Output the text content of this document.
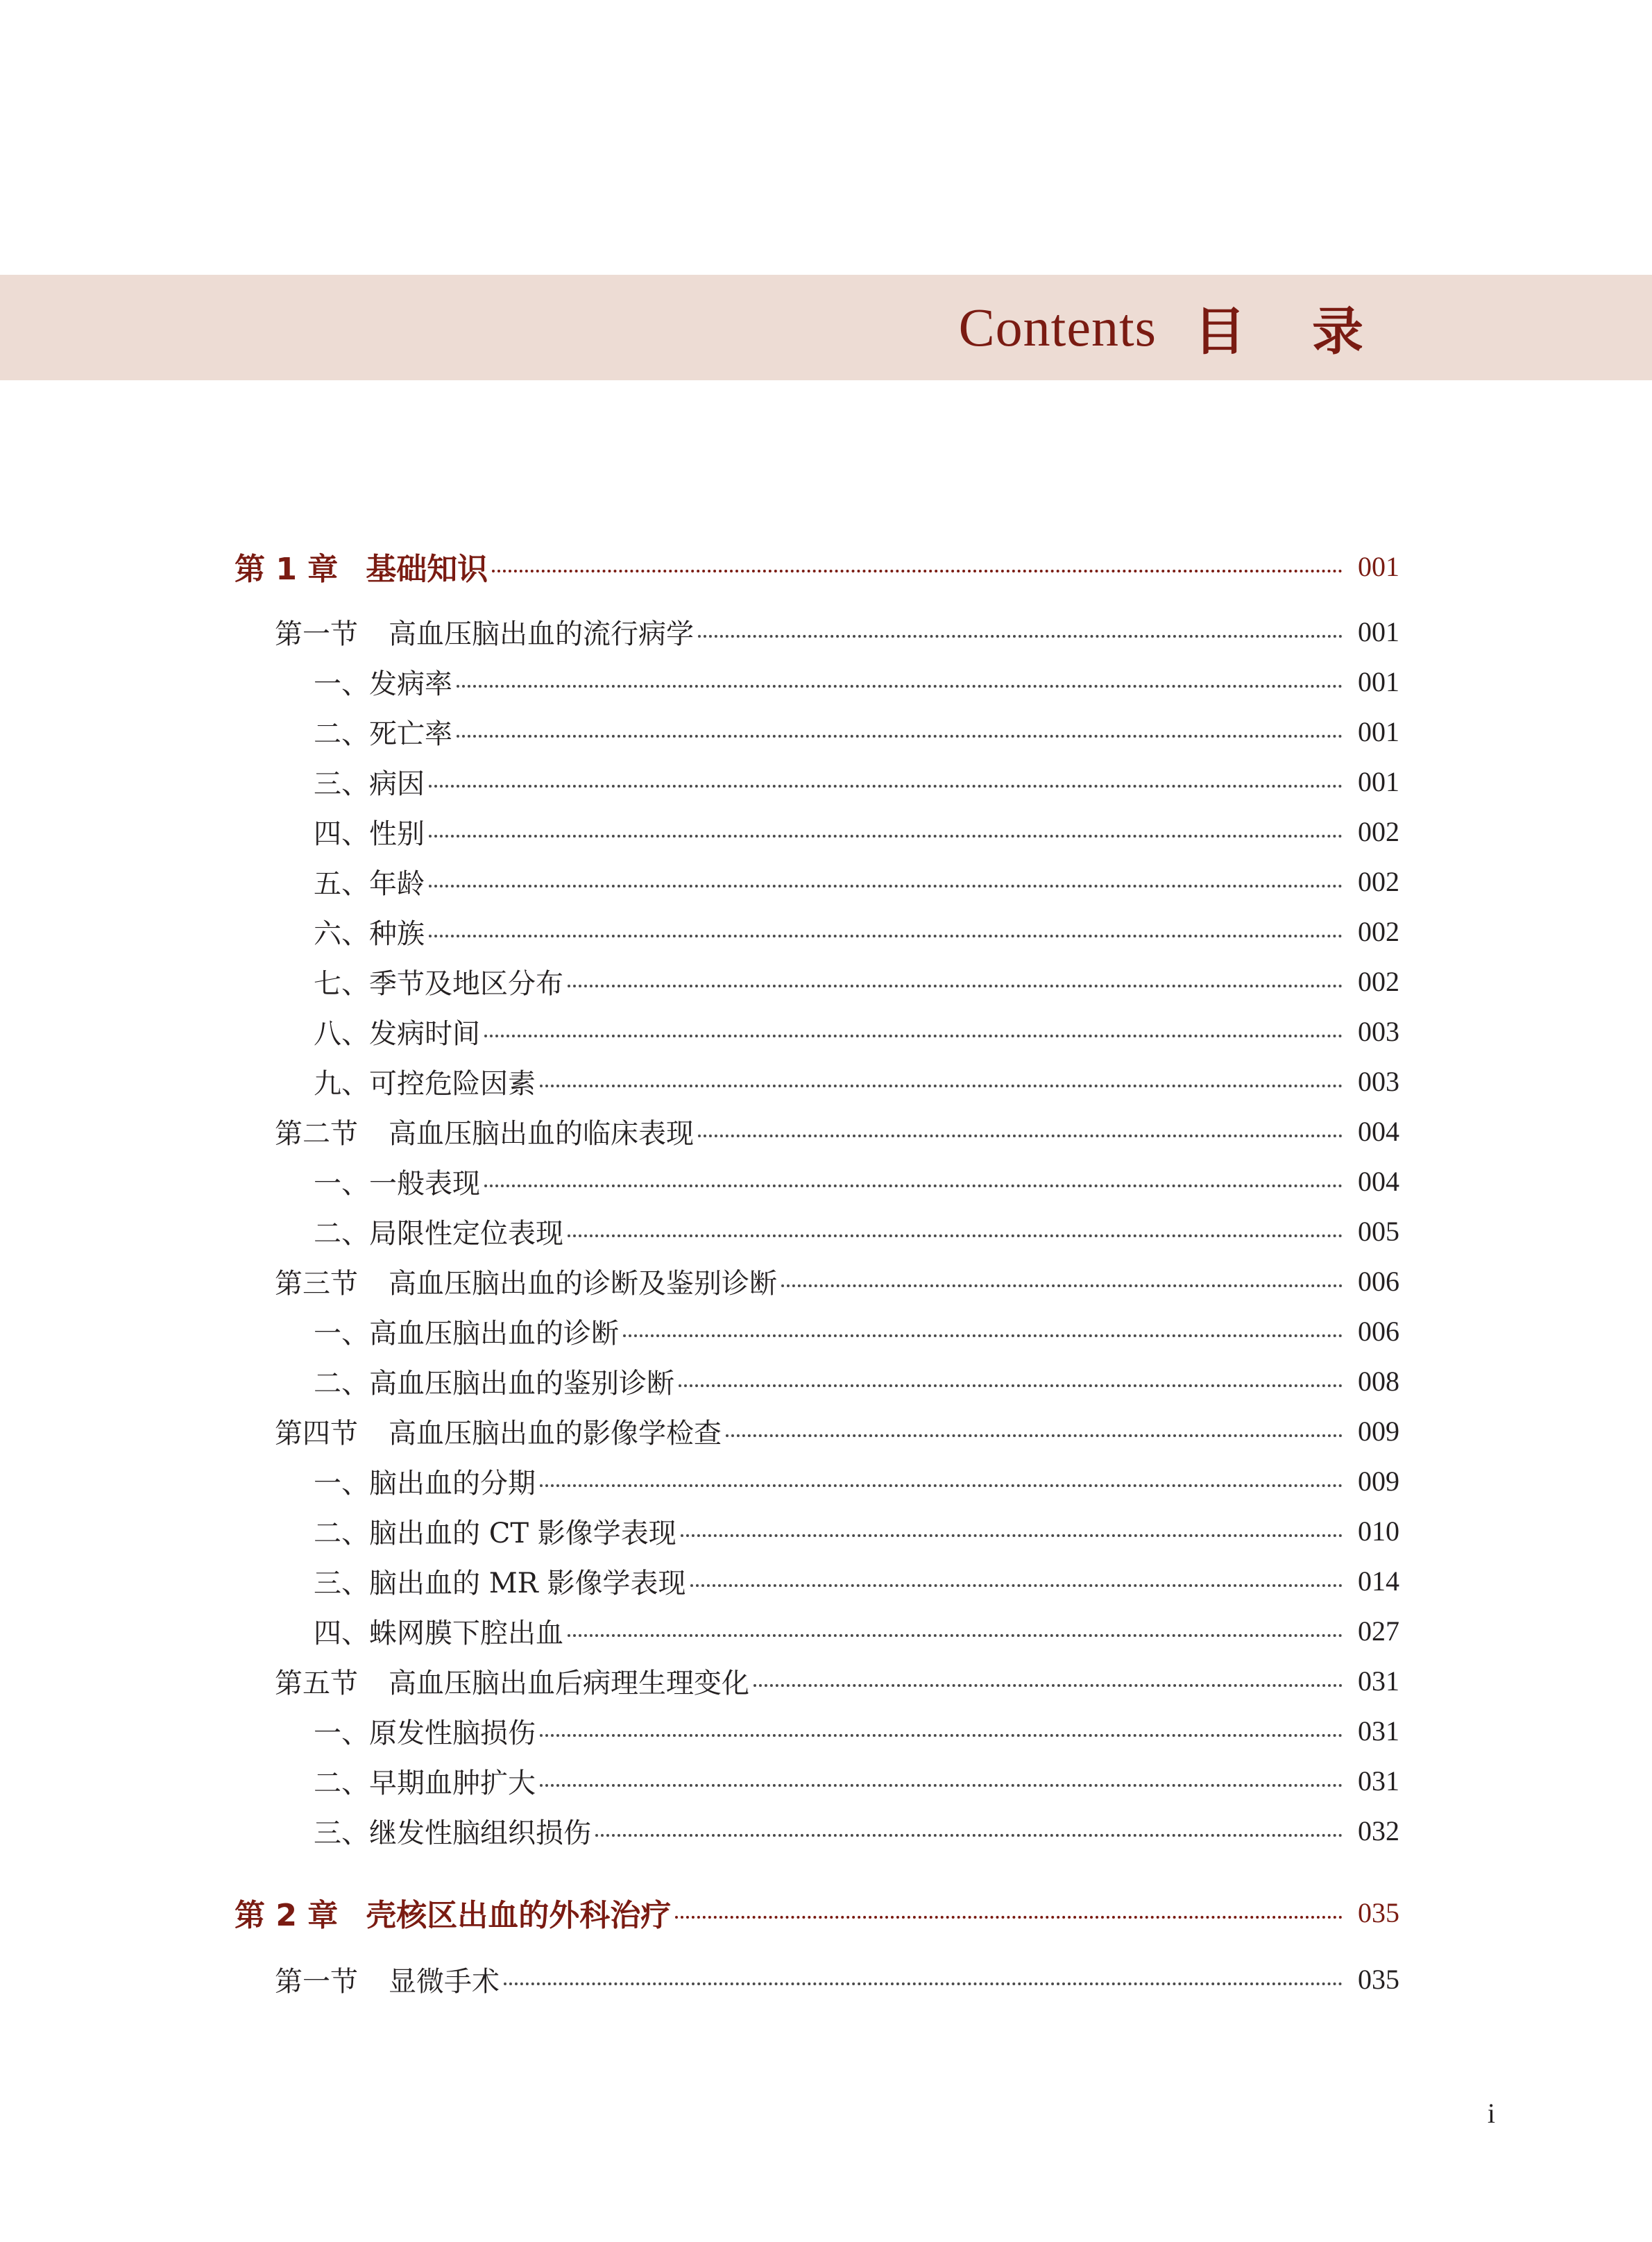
Contents 目录
第 1 章 基础知识	001
第一节 高血压脑出血的流行病学	001
一、发病率	001
二、死亡率	001
三、病因	001
四、性别	002
五、年龄	002
六、种族	002
七、季节及地区分布	002
八、发病时间	003
九、可控危险因素	003
第二节 高血压脑出血的临床表现	004
一、一般表现	004
二、局限性定位表现	005
第三节 高血压脑出血的诊断及鉴别诊断	006
一、高血压脑出血的诊断	006
二、高血压脑出血的鉴别诊断	008
第四节 高血压脑出血的影像学检查	009
一、脑出血的分期	009
二、脑出血的 CT 影像学表现	010
三、脑出血的 MR 影像学表现	014
四、蛛网膜下腔出血	027
第五节 高血压脑出血后病理生理变化	031
一、原发性脑损伤	031
二、早期血肿扩大	031
三、继发性脑组织损伤	032
第 2 章 壳核区出血的外科治疗	035
第一节 显微手术	035
i
